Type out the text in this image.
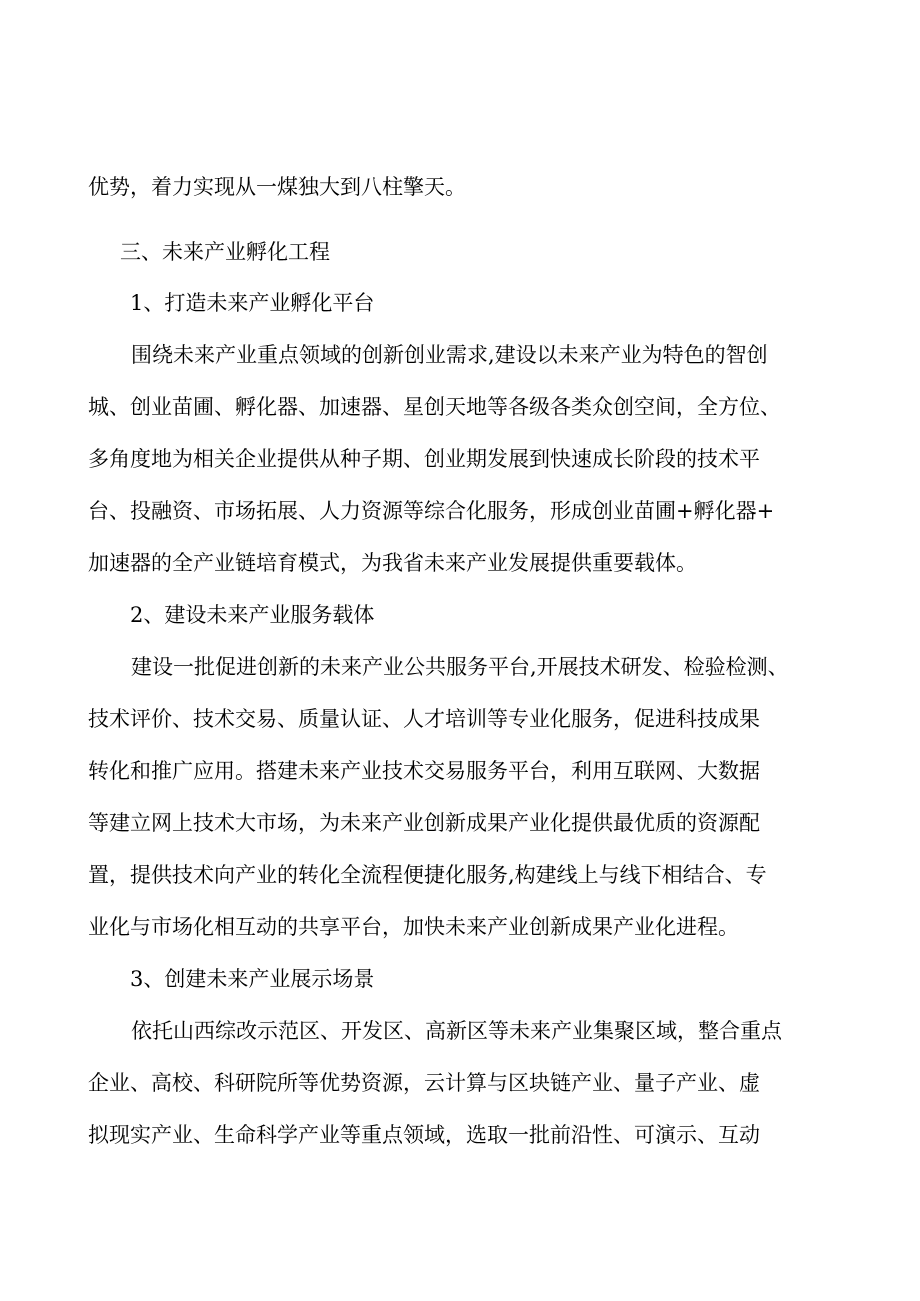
优势，着力实现从一煤独大到八柱擎天。
三、未来产业孵化工程
1、打造未来产业孵化平台
围绕未来产业重点领域的创新创业需求,建设以未来产业为特色的智创
城、创业苗圃、孵化器、加速器、星创天地等各级各类众创空间，全方位、
多角度地为相关企业提供从种子期、创业期发展到快速成长阶段的技术平
台、投融资、市场拓展、人力资源等综合化服务，形成创业苗圃+孵化器+
加速器的全产业链培育模式，为我省未来产业发展提供重要载体。
2、建设未来产业服务载体
建设一批促进创新的未来产业公共服务平台,开展技术研发、检验检测、
技术评价、技术交易、质量认证、人才培训等专业化服务，促进科技成果
转化和推广应用。搭建未来产业技术交易服务平台，利用互联网、大数据
等建立网上技术大市场，为未来产业创新成果产业化提供最优质的资源配
置，提供技术向产业的转化全流程便捷化服务,构建线上与线下相结合、专
业化与市场化相互动的共享平台，加快未来产业创新成果产业化进程。
3、创建未来产业展示场景
依托山西综改示范区、开发区、高新区等未来产业集聚区域，整合重点
企业、高校、科研院所等优势资源，云计算与区块链产业、量子产业、虚
拟现实产业、生命科学产业等重点领域，选取一批前沿性、可演示、互动
